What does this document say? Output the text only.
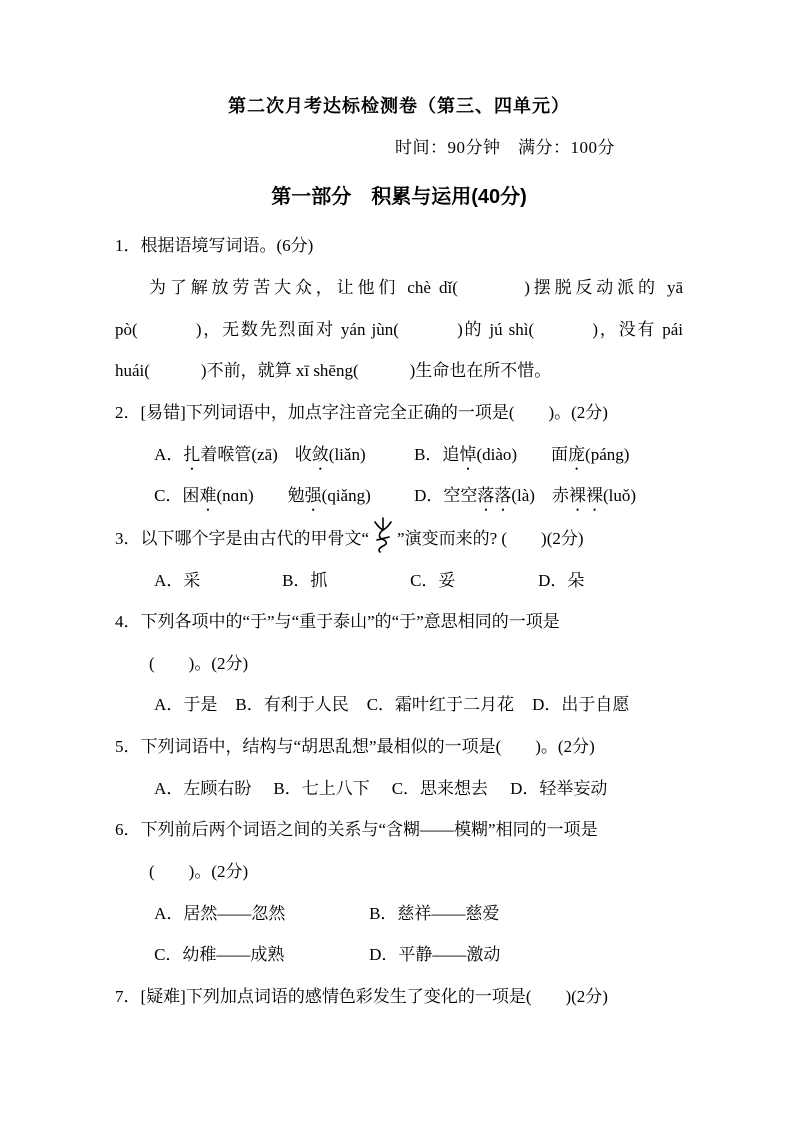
第二次月考达标检测卷（第三、四单元）
时间：90分钟　满分：100分
第一部分　积累与运用(40分)
1．根据语境写词语。(6分)

为了解放劳苦大众，让他们 chè dǐ(　　　)摆脱反动派的 yā pò(　　　)，无数先烈面对 yán jùn(　　　)的 jú shì(　　　)，没有 pái huái(　　　)不前，就算 xī shēng(　　　)生命也在所不惜。

2．[易错]下列词语中，加点字注音完全正确的一项是(　　)。(2分)
A．扎着喉管(zā)　收敛(liǎn)	B．追悼(diào)　　面庞(páng)
C．困难(nɑn)　　勉强(qiǎng)	D．空空落落(là)　赤裸裸(luǒ)
3．以下哪个字是由古代的甲骨文“ ”演变而来的? (　　)(2分)
A．采	B．抓	C．妥	D．朵
4．下列各项中的“于”与“重于泰山”的“于”意思相同的一项是
(　　)。(2分)
A．于是 B．有利于人民 C．霜叶红于二月花 D．出于自愿
5．下列词语中，结构与“胡思乱想”最相似的一项是(　　)。(2分)
A．左顾右盼 B．七上八下 C．思来想去 D．轻举妄动
6．下列前后两个词语之间的关系与“含糊——模糊”相同的一项是
(　　)。(2分)
A．居然——忽然	B．慈祥——慈爱
C．幼稚——成熟	D．平静——激动
7．[疑难]下列加点词语的感情色彩发生了变化的一项是(　　)(2分)
